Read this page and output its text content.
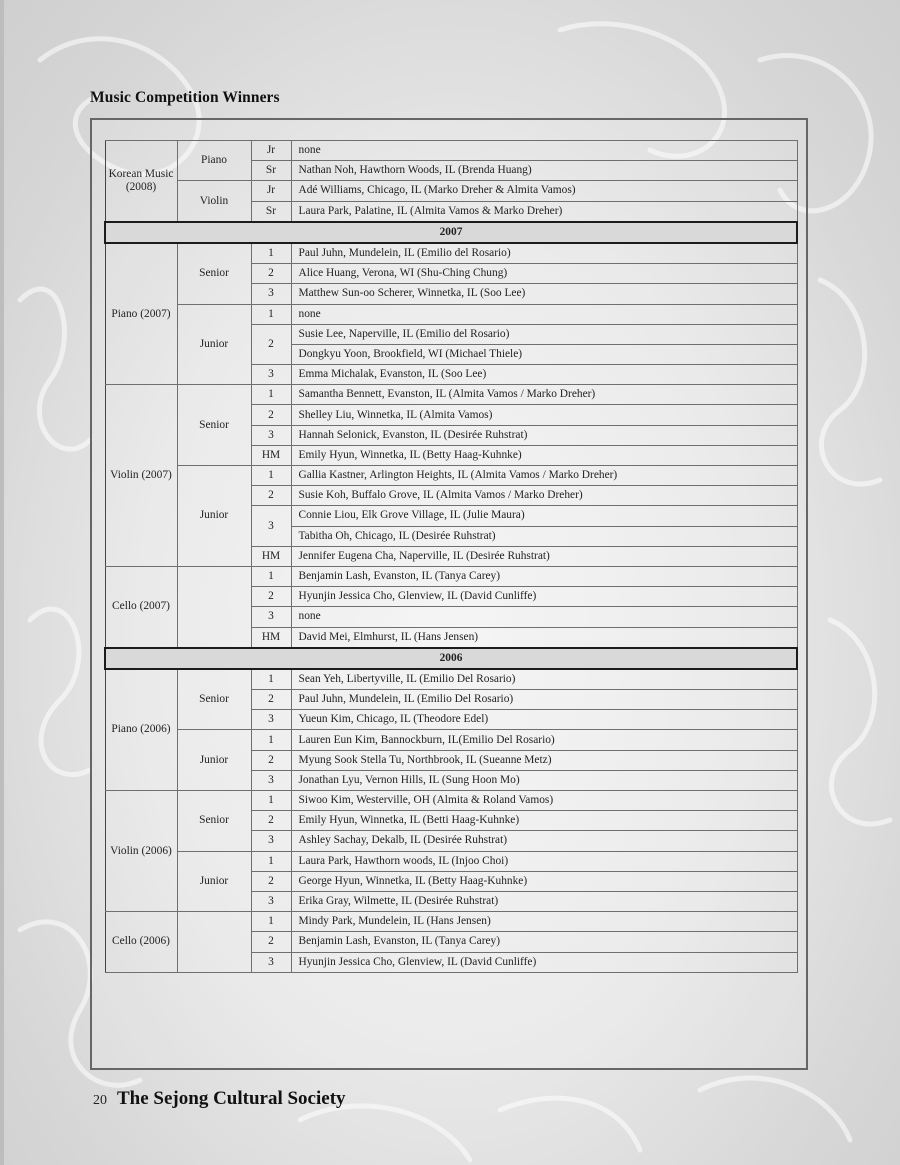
Music Competition Winners
Korean Music (2008)	Piano	Jr	none
		Sr	Nathan Noh, Hawthorn Woods, IL (Brenda Huang)
	Violin	Jr	Adé Williams, Chicago, IL (Marko Dreher & Almita Vamos)
		Sr	Laura Park, Palatine, IL (Almita Vamos & Marko Dreher)
2007			
Piano (2007)	Senior	1	Paul Juhn, Mundelein, IL (Emilio del Rosario)
		2	Alice Huang, Verona, WI (Shu-Ching Chung)
		3	Matthew Sun-oo Scherer, Winnetka, IL (Soo Lee)
	Junior	1	none
		2	Susie Lee, Naperville, IL (Emilio del Rosario)
			Dongkyu Yoon, Brookfield, WI (Michael Thiele)
		3	Emma Michalak, Evanston, IL (Soo Lee)
Violin (2007)	Senior	1	Samantha Bennett, Evanston, IL (Almita Vamos / Marko Dreher)
		2	Shelley Liu, Winnetka, IL (Almita Vamos)
		3	Hannah Selonick, Evanston, IL (Desirée Ruhstrat)
		HM	Emily Hyun, Winnetka, IL (Betty Haag-Kuhnke)
	Junior	1	Gallia Kastner, Arlington Heights, IL (Almita Vamos / Marko Dreher)
		2	Susie Koh, Buffalo Grove, IL (Almita Vamos / Marko Dreher)
		3	Connie Liou, Elk Grove Village, IL (Julie Maura)
			Tabitha Oh, Chicago, IL (Desirée Ruhstrat)
		HM	Jennifer Eugena Cha, Naperville, IL (Desirée Ruhstrat)
Cello (2007)		1	Benjamin Lash, Evanston, IL (Tanya Carey)
		2	Hyunjin Jessica Cho, Glenview, IL (David Cunliffe)
		3	none
		HM	David Mei, Elmhurst, IL (Hans Jensen)
2006			
Piano (2006)	Senior	1	Sean Yeh, Libertyville, IL (Emilio Del Rosario)
		2	Paul Juhn, Mundelein, IL (Emilio Del Rosario)
		3	Yueun Kim, Chicago, IL (Theodore Edel)
	Junior	1	Lauren Eun Kim, Bannockburn, IL(Emilio Del Rosario)
		2	Myung Sook Stella Tu, Northbrook, IL (Sueanne Metz)
		3	Jonathan Lyu, Vernon Hills, IL (Sung Hoon Mo)
Violin (2006)	Senior	1	Siwoo Kim, Westerville, OH (Almita & Roland Vamos)
		2	Emily Hyun, Winnetka, IL (Betti Haag-Kuhnke)
		3	Ashley Sachay, Dekalb, IL (Desirée Ruhstrat)
	Junior	1	Laura Park, Hawthorn woods, IL (Injoo Choi)
		2	George Hyun, Winnetka, IL (Betty Haag-Kuhnke)
		3	Erika Gray, Wilmette, IL (Desirée Ruhstrat)
Cello (2006)		1	Mindy Park, Mundelein, IL (Hans Jensen)
		2	Benjamin Lash, Evanston, IL (Tanya Carey)
		3	Hyunjin Jessica Cho, Glenview, IL (David Cunliffe)
20 The Sejong Cultural Society
